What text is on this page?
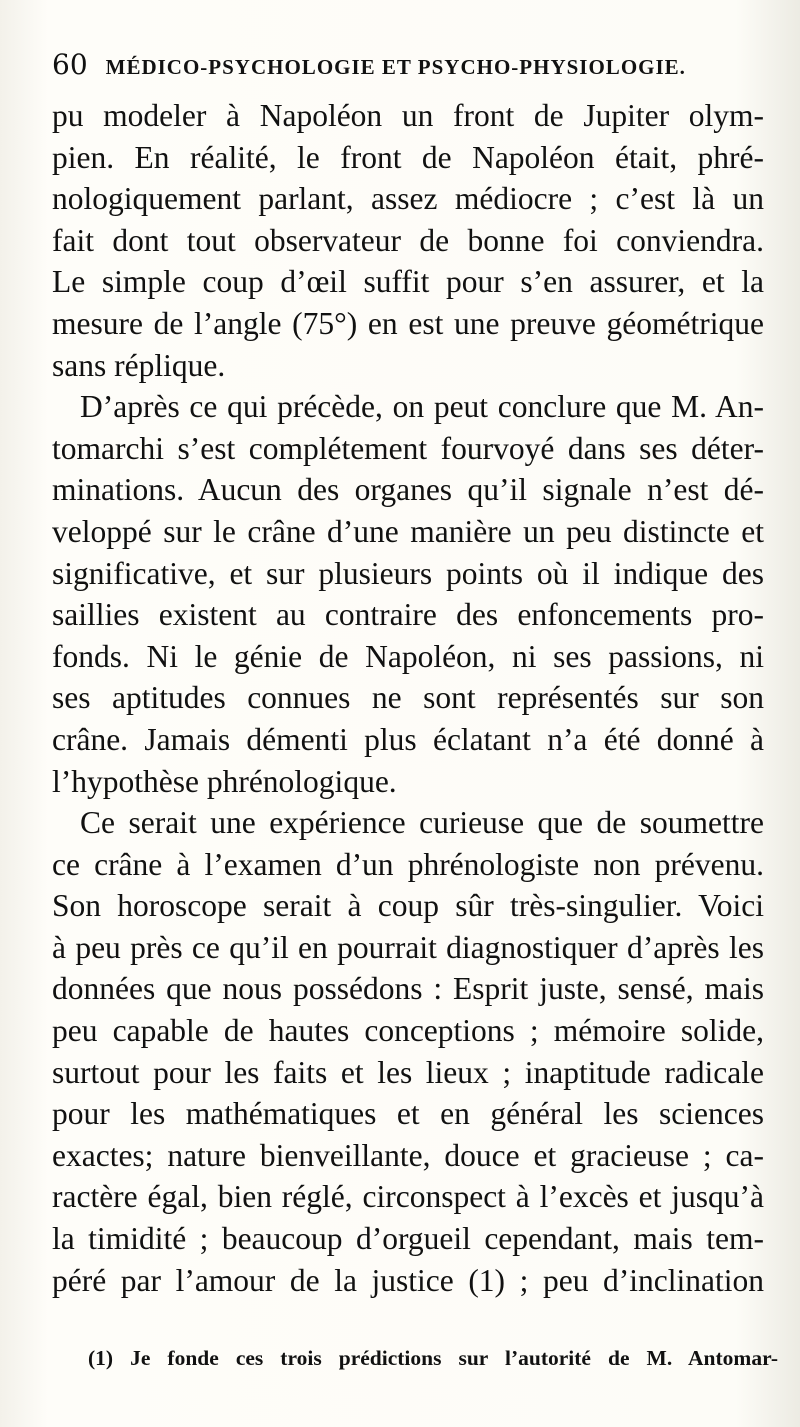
60 MÉDICO-PSYCHOLOGIE ET PSYCHO-PHYSIOLOGIE.
pu modeler à Napoléon un front de Jupiter olym-
pien. En réalité, le front de Napoléon était, phré-
nologiquement parlant, assez médiocre ; c’est là un
fait dont tout observateur de bonne foi conviendra.
Le simple coup d’œil suffit pour s’en assurer, et la
mesure de l’angle (75°) en est une preuve géométrique
sans réplique.
D’après ce qui précède, on peut conclure que M. An-
tomarchi s’est complétement fourvoyé dans ses déter-
minations. Aucun des organes qu’il signale n’est dé-
veloppé sur le crâne d’une manière un peu distincte et
significative, et sur plusieurs points où il indique des
saillies existent au contraire des enfoncements pro-
fonds. Ni le génie de Napoléon, ni ses passions, ni
ses aptitudes connues ne sont représentés sur son
crâne. Jamais démenti plus éclatant n’a été donné à
l’hypothèse phrénologique.
Ce serait une expérience curieuse que de soumettre
ce crâne à l’examen d’un phrénologiste non prévenu.
Son horoscope serait à coup sûr très-singulier. Voici
à peu près ce qu’il en pourrait diagnostiquer d’après les
données que nous possédons : Esprit juste, sensé, mais
peu capable de hautes conceptions ; mémoire solide,
surtout pour les faits et les lieux ; inaptitude radicale
pour les mathématiques et en général les sciences
exactes; nature bienveillante, douce et gracieuse ; ca-
ractère égal, bien réglé, circonspect à l’excès et jusqu’à
la timidité ; beaucoup d’orgueil cependant, mais tem-
péré par l’amour de la justice (1) ; peu d’inclination
(1) Je fonde ces trois prédictions sur l’autorité de M. Antomar-
